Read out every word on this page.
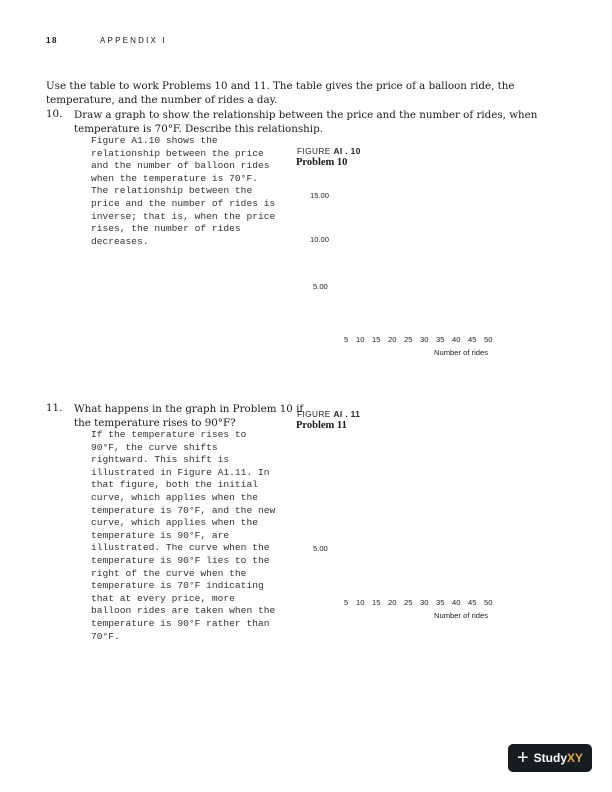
18	APPENDIX I
Use the table to work Problems 10 and 11. The table gives the price of a balloon ride, the temperature, and the number of rides a day.
10. Draw a graph to show the relationship between the price and the number of rides, when
temperature is 70°F. Describe this relationship.
Figure A1.10 shows the
relationship between the price
and the number of balloon rides
when the temperature is 70°F.
The relationship between the
price and the number of rides is
inverse; that is, when the price
rises, the number of rides
decreases.
FIGURE AI . 10
Problem 10
15.00
10.00
5.00
5 10 15 20 25 30 35 40 45 50
Number of rides
11. What happens in the graph in Problem 10 if
the temperature rises to 90°F?
If the temperature rises to
90°F, the curve shifts
rightward. This shift is
illustrated in Figure A1.11. In
that figure, both the initial
curve, which applies when the
temperature is 70°F, and the new
curve, which applies when the
temperature is 90°F, are
illustrated. The curve when the
temperature is 90°F lies to the
right of the curve when the
temperature is 70°F indicating
that at every price, more
balloon rides are taken when the
temperature is 90°F rather than
70°F.
FIGURE AI . 11
Problem 11
5.00
5 10 15 20 25 30 35 40 45 50
Number of rides
+ Study XY
